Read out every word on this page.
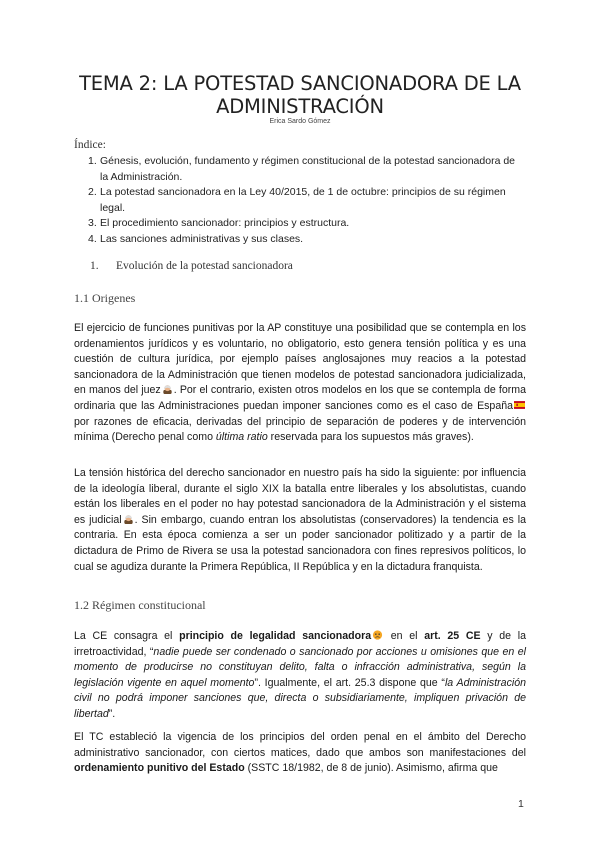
TEMA 2: LA POTESTAD SANCIONADORA DE LA
ADMINISTRACIÓN
Erica Sardo Gómez
Índice:
1. Génesis, evolución, fundamento y régimen constitucional de la potestad sancionadora de la Administración.
2. La potestad sancionadora en la Ley 40/2015, de 1 de octubre: principios de su régimen legal.
3. El procedimiento sancionador: principios y estructura.
4. Las sanciones administrativas y sus clases.
1. Evolución de la potestad sancionadora
1.1 Origenes

El ejercicio de funciones punitivas por la AP constituye una posibilidad que se contempla en los ordenamientos jurídicos y es voluntario, no obligatorio, esto genera tensión política y es una cuestión de cultura jurídica, por ejemplo países anglosajones muy reacios a la potestad sancionadora de la Administración que tienen modelos de potestad sancionadora judicializada, en manos del juez . Por el contrario, existen otros modelos en los que se contempla de forma ordinaria que las Administraciones puedan imponer sanciones como es el caso de España por razones de eficacia, derivadas del principio de separación de poderes y de intervención mínima (Derecho penal como última ratio reservada para los supuestos más graves).

La tensión histórica del derecho sancionador en nuestro país ha sido la siguiente: por influencia de la ideología liberal, durante el siglo XIX la batalla entre liberales y los absolutistas, cuando están los liberales en el poder no hay potestad sancionadora de la Administración y el sistema es judicial . Sin embargo, cuando entran los absolutistas (conservadores) la tendencia es la contraria. En esta época comienza a ser un poder sancionador politizado y a partir de la dictadura de Primo de Rivera se usa la potestad sancionadora con fines represivos políticos, lo cual se agudiza durante la Primera República, II República y en la dictadura franquista.

1.2 Régimen constitucional

La CE consagra el principio de legalidad sancionadora en el art. 25 CE y de la irretroactividad, “nadie puede ser condenado o sancionado por acciones u omisiones que en el momento de producirse no constituyan delito, falta o infracción administrativa, según la legislación vigente en aquel momento”. Igualmente, el art. 25.3 dispone que “la Administración civil no podrá imponer sanciones que, directa o subsidiariamente, impliquen privación de libertad”.

El TC estableció la vigencia de los principios del orden penal en el ámbito del Derecho administrativo sancionador, con ciertos matices, dado que ambos son manifestaciones del ordenamiento punitivo del Estado (SSTC 18/1982, de 8 de junio). Asimismo, afirma que

1
